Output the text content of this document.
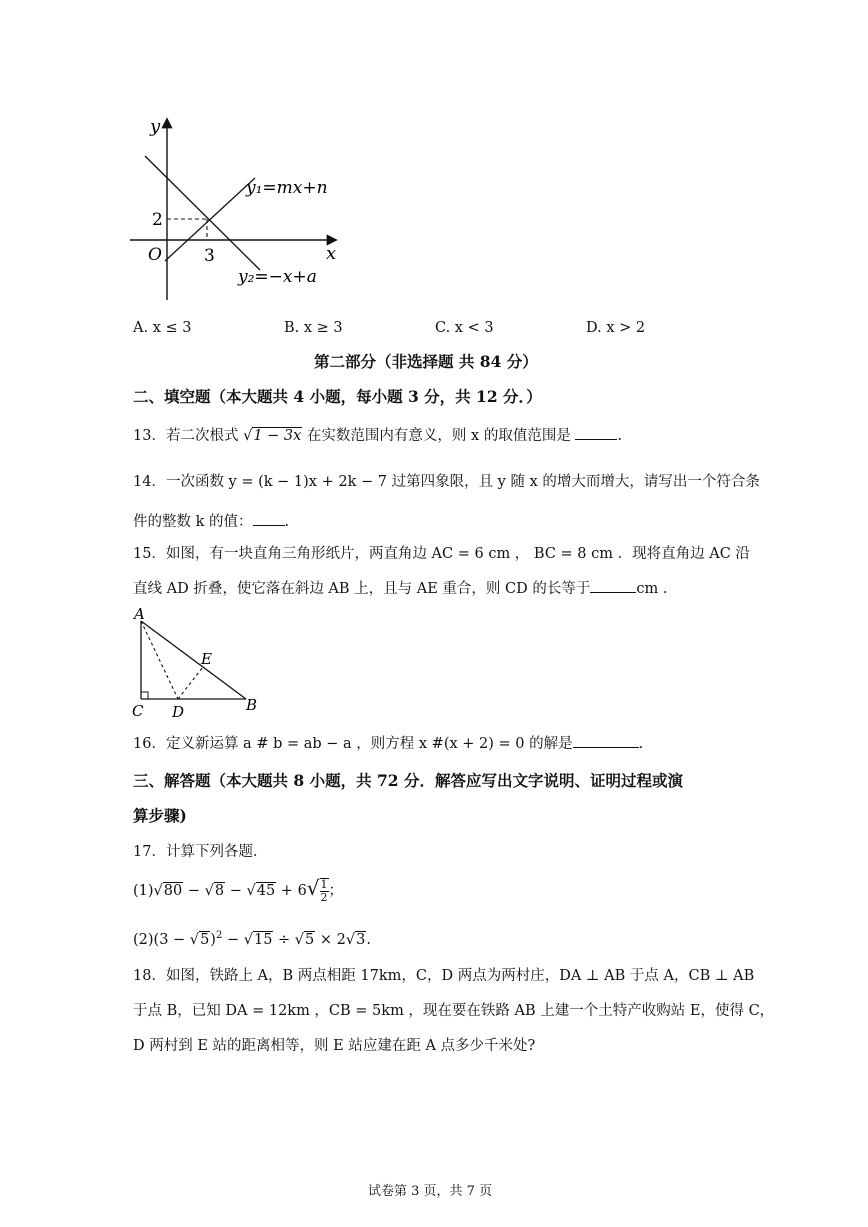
y
x
O
2
3
y₁=mx+n
y₂=−x+a
A. x ≤ 3	B. x ≥ 3	C. x < 3	D. x > 2
第二部分（非选择题 共 84 分）
二、填空题（本大题共 4 小题，每小题 3 分，共 12 分．）
13．若二次根式 √1 − 3x 在实数范围内有意义，则 x 的取值范围是	.
14．一次函数 y = (k − 1)x + 2k − 7 过第四象限，且 y 随 x 的增大而增大，请写出一个符合条
件的整数 k 的值： .
15．如图，有一块直角三角形纸片，两直角边 AC = 6 cm ， BC = 8 cm ．现将直角边 AC 沿
直线 AD 折叠，使它落在斜边 AB 上，且与 AE 重合，则 CD 的长等于	cm .
A
E
B
C D
16．定义新运算 a # b = ab − a ，则方程 x #(x + 2) = 0 的解是	.
三、解答题（本大题共 8 小题，共 72 分．解答应写出文字说明、证明过程或演
算步骤)
17．计算下列各题．
$(1)√80 - √8 - √45 + 6√ \frac{1}{2}$ ；
$(2)(3 - √5)^2 - √15 \div √5 \times 2√3$.
18．如图，铁路上 A，B 两点相距 17km，C，D 两点为两村庄，DA ⊥ AB 于点 A，CB ⊥ AB
于点 B，已知 DA = 12km ，CB = 5km ，现在要在铁路 AB 上建一个土特产收购站 E，使得 C，
D 两村到 E 站的距离相等，则 E 站应建在距 A 点多少千米处?
试卷第 3 页，共 7 页
